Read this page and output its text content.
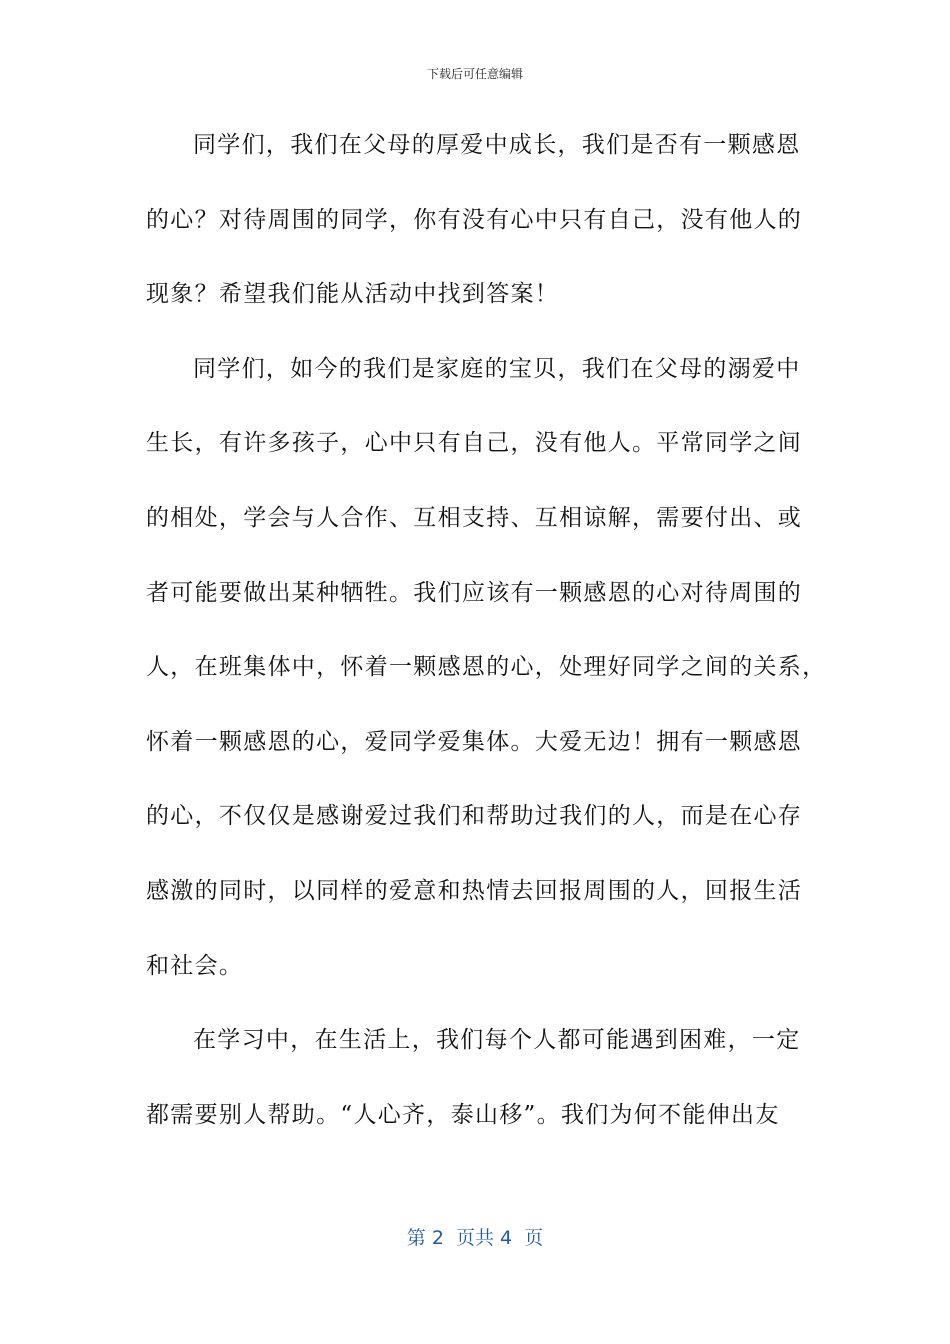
下载后可任意编辑
同学们，我们在父母的厚爱中成长，我们是否有一颗感恩
的心？对待周围的同学，你有没有心中只有自己，没有他人的
现象？希望我们能从活动中找到答案！
同学们，如今的我们是家庭的宝贝，我们在父母的溺爱中
生长，有许多孩子，心中只有自己，没有他人。平常同学之间
的相处，学会与人合作、互相支持、互相谅解，需要付出、或
者可能要做出某种牺牲。我们应该有一颗感恩的心对待周围的
人，在班集体中，怀着一颗感恩的心，处理好同学之间的关系，
怀着一颗感恩的心，爱同学爱集体。大爱无边！拥有一颗感恩
的心，不仅仅是感谢爱过我们和帮助过我们的人，而是在心存
感激的同时，以同样的爱意和热情去回报周围的人，回报生活
和社会。
在学习中，在生活上，我们每个人都可能遇到困难，一定
都需要别人帮助。“人心齐，泰山移”。我们为何不能伸出友
第 2  页共 4  页
